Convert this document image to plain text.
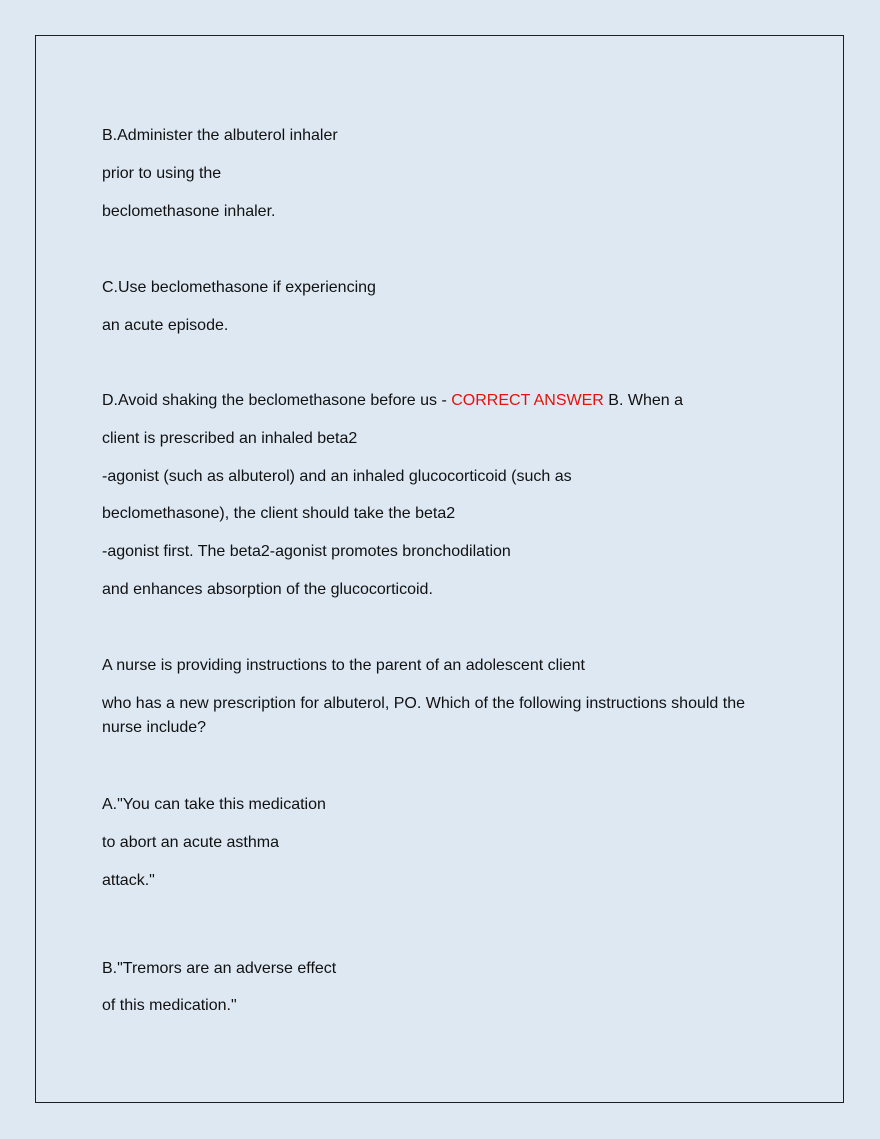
B.Administer the albuterol inhaler
prior to using the
beclomethasone inhaler.
C.Use beclomethasone if experiencing
an acute episode.
D.Avoid shaking the beclomethasone before us - CORRECT ANSWER B. When a
client is prescribed an inhaled beta2
-agonist (such as albuterol) and an inhaled glucocorticoid (such as
beclomethasone), the client should take the beta2
-agonist first. The beta2-agonist promotes bronchodilation
and enhances absorption of the glucocorticoid.
A nurse is providing instructions to the parent of an adolescent client
who has a new prescription for albuterol, PO. Which of the following instructions should the nurse include?
A."You can take this medication
to abort an acute asthma
attack."
B."Tremors are an adverse effect
of this medication."
